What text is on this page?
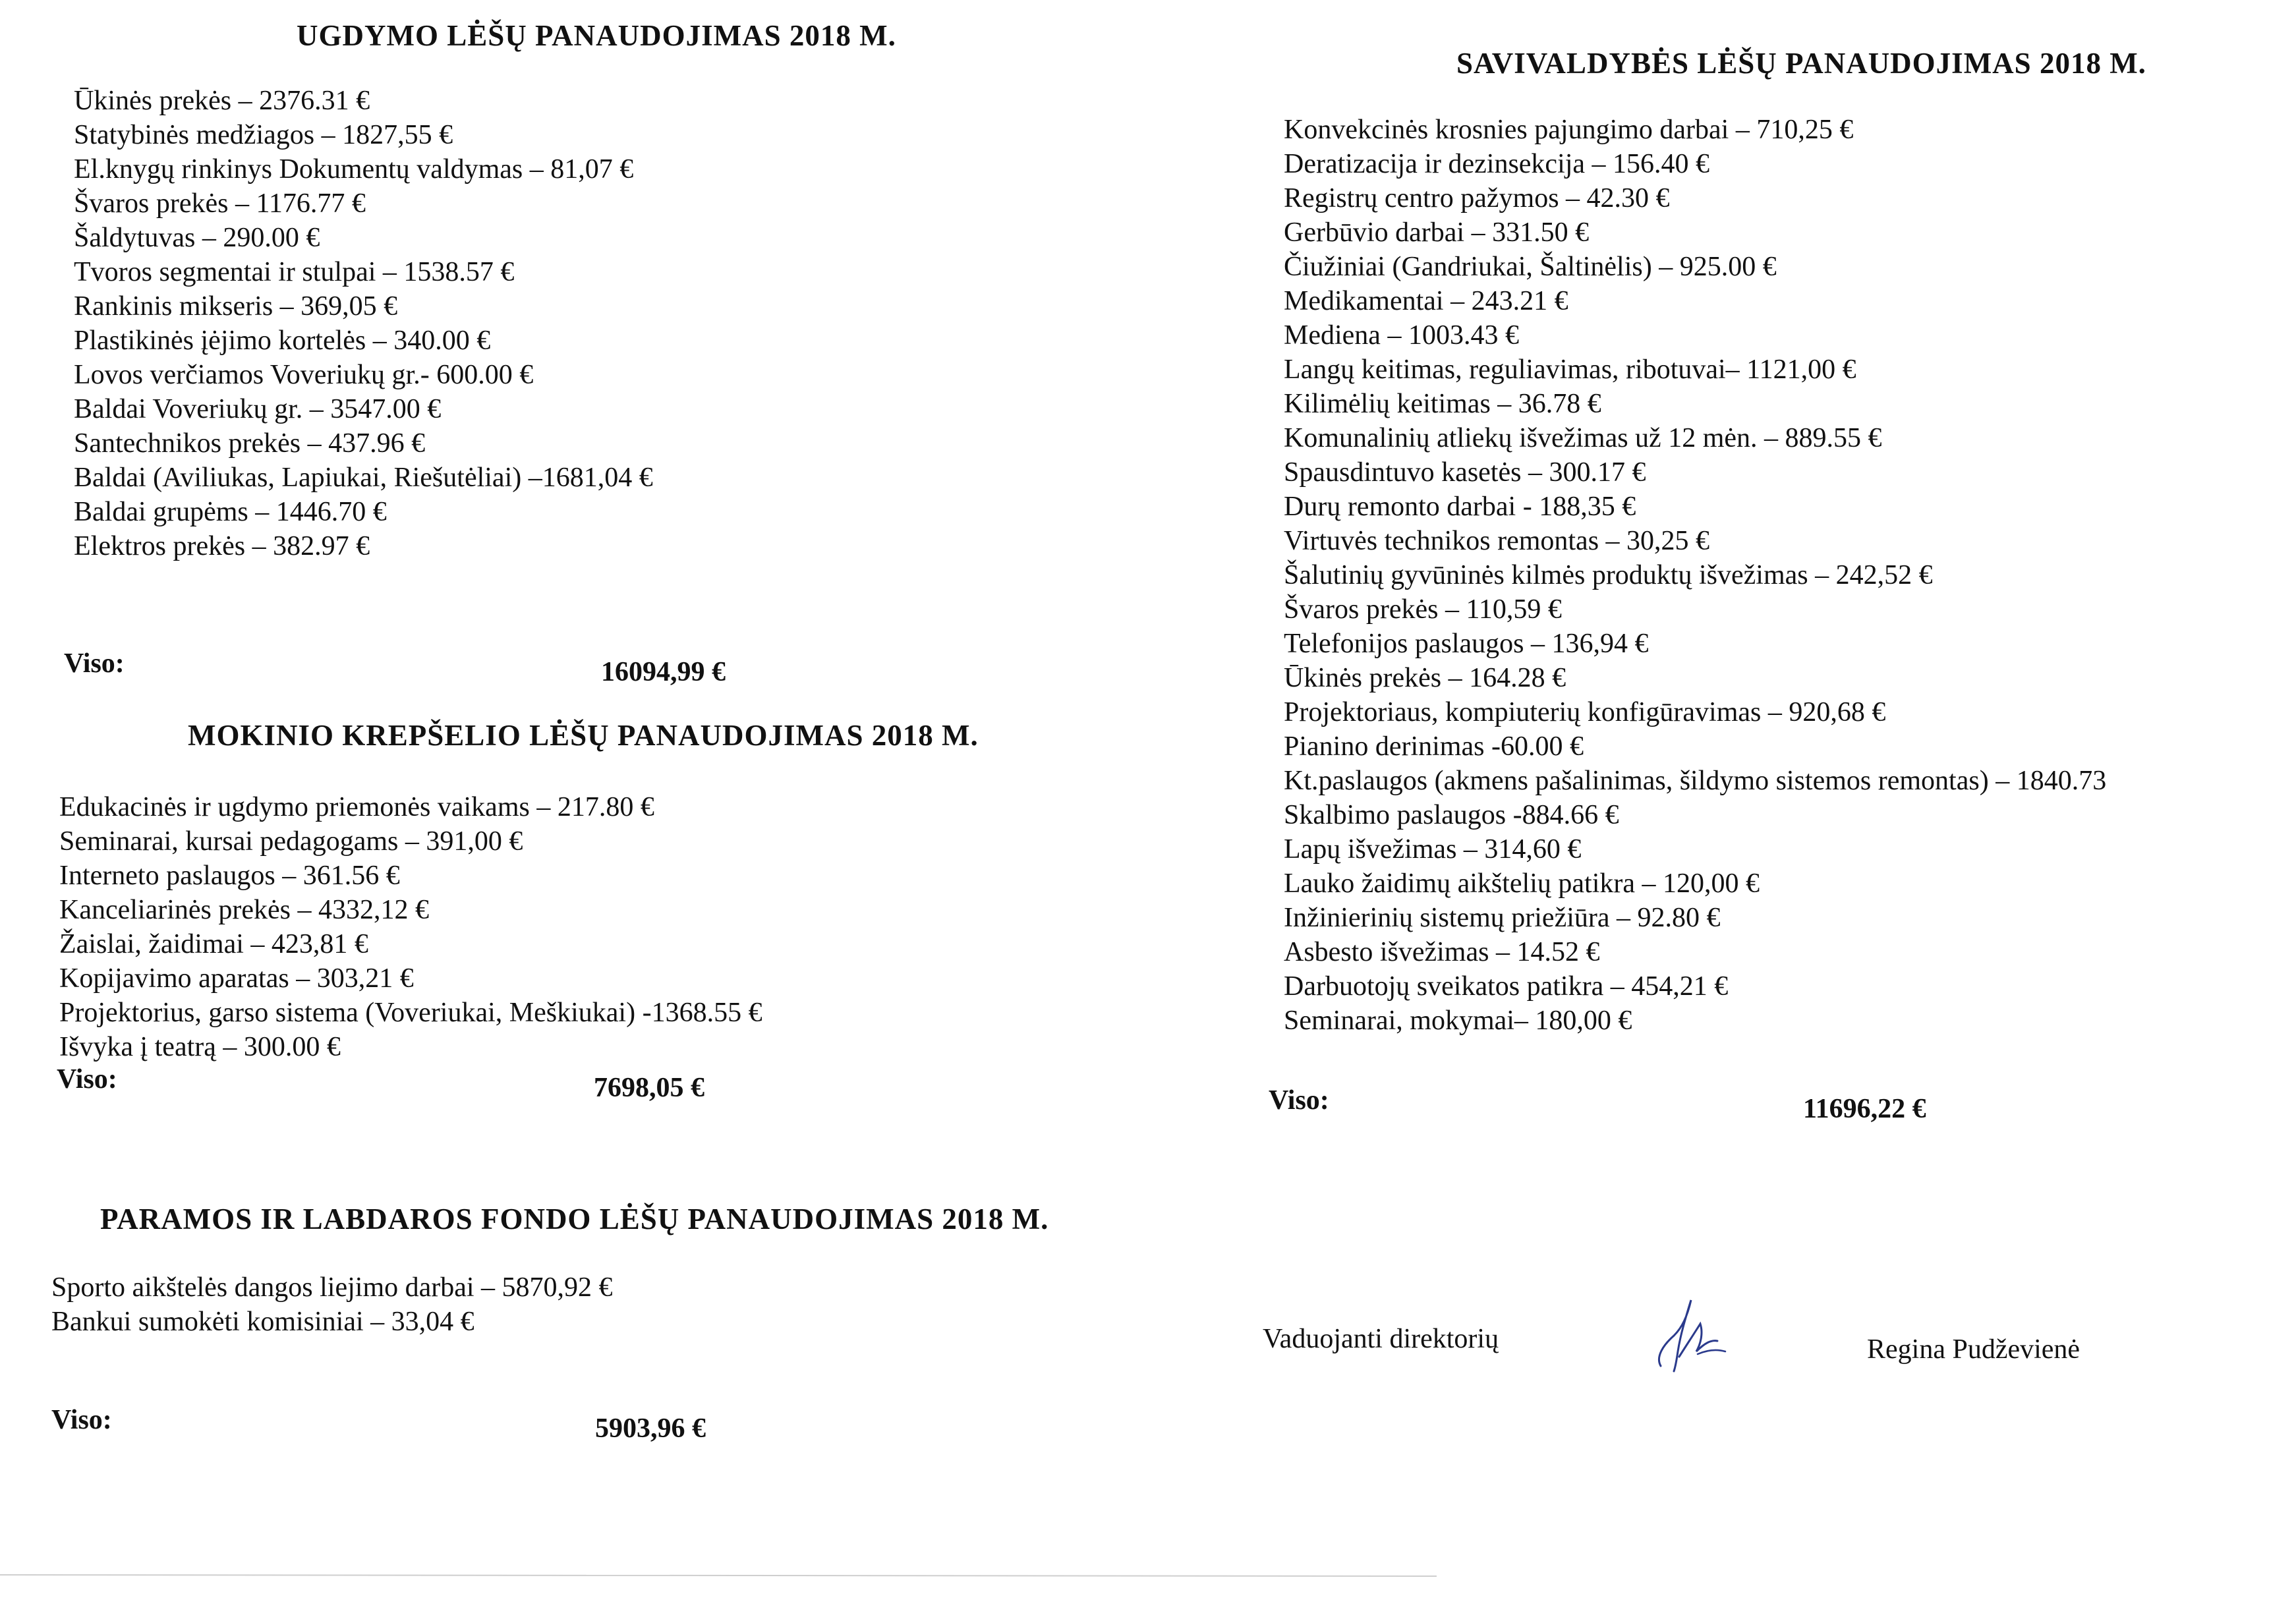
UGDYMO LĖŠŲ PANAUDOJIMAS 2018 M.
Ūkinės prekės – 2376.31 €
Statybinės medžiagos – 1827,55 €
El.knygų rinkinys Dokumentų valdymas – 81,07 €
Švaros prekės – 1176.77 €
Šaldytuvas – 290.00 €
Tvoros segmentai ir stulpai – 1538.57 €
Rankinis mikseris – 369,05 €
Plastikinės įėjimo kortelės – 340.00 €
Lovos verčiamos Voveriukų gr.- 600.00 €
Baldai Voveriukų gr. – 3547.00 €
Santechnikos prekės – 437.96 €
Baldai (Aviliukas, Lapiukai, Riešutėliai) –1681,04 €
Baldai grupėms – 1446.70 €
Elektros prekės – 382.97 €
Viso:	16094,99 €
MOKINIO KREPŠELIO LĖŠŲ PANAUDOJIMAS 2018 M.
Edukacinės ir ugdymo priemonės vaikams – 217.80 €
Seminarai, kursai pedagogams – 391,00 €
Interneto paslaugos – 361.56 €
Kanceliarinės prekės – 4332,12 €
Žaislai, žaidimai – 423,81 €
Kopijavimo aparatas – 303,21 €
Projektorius, garso sistema (Voveriukai, Meškiukai) -1368.55 €
Išvyka į teatrą – 300.00 €
Viso:	7698,05 €
PARAMOS IR LABDAROS FONDO LĖŠŲ PANAUDOJIMAS 2018 M.
Sporto aikštelės dangos liejimo darbai – 5870,92 €
Bankui sumokėti komisiniai – 33,04 €
Viso:	5903,96 €
SAVIVALDYBĖS LĖŠŲ PANAUDOJIMAS 2018 M.
Konvekcinės krosnies pajungimo darbai – 710,25 €
Deratizacija ir dezinsekcija – 156.40 €
Registrų centro pažymos – 42.30 €
Gerbūvio darbai – 331.50 €
Čiužiniai (Gandriukai, Šaltinėlis) – 925.00 €
Medikamentai – 243.21 €
Mediena – 1003.43 €
Langų keitimas, reguliavimas, ribotuvai– 1121,00 €
Kilimėlių keitimas – 36.78 €
Komunalinių atliekų išvežimas už 12 mėn. – 889.55 €
Spausdintuvo kasetės – 300.17 €
Durų remonto darbai - 188,35 €
Virtuvės technikos remontas – 30,25 €
Šalutinių gyvūninės kilmės produktų išvežimas – 242,52 €
Švaros prekės – 110,59 €
Telefonijos paslaugos – 136,94 €
Ūkinės prekės – 164.28 €
Projektoriaus, kompiuterių konfigūravimas – 920,68 €
Pianino derinimas -60.00 €
Kt.paslaugos (akmens pašalinimas, šildymo sistemos remontas) – 1840.73
Skalbimo paslaugos -884.66 €
Lapų išvežimas – 314,60 €
Lauko žaidimų aikštelių patikra – 120,00 €
Inžinierinių sistemų priežiūra – 92.80 €
Asbesto išvežimas – 14.52 €
Darbuotojų sveikatos patikra – 454,21 €
Seminarai, mokymai– 180,00 €
Viso:	11696,22 €
Vaduojanti direktorių	Regina Pudževienė
